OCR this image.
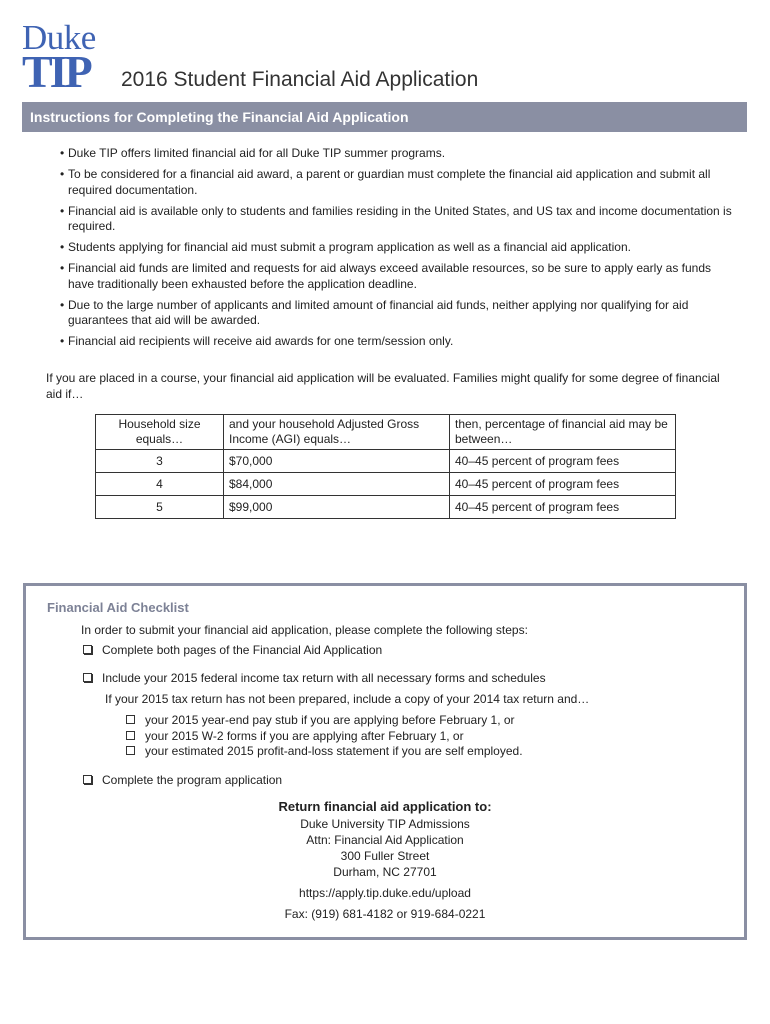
Duke
TIP 2016 Student Financial Aid Application
Instructions for Completing the Financial Aid Application
• Duke TIP offers limited financial aid for all Duke TIP summer programs.
• To be considered for a financial aid award, a parent or guardian must complete the financial aid application and submit all required documentation.
• Financial aid is available only to students and families residing in the United States, and US tax and income documentation is required.
• Students applying for financial aid must submit a program application as well as a financial aid application.
• Financial aid funds are limited and requests for aid always exceed available resources, so be sure to apply early as funds have traditionally been exhausted before the application deadline.
• Due to the large number of applicants and limited amount of financial aid funds, neither applying nor qualifying for aid guarantees that aid will be awarded.
• Financial aid recipients will receive aid awards for one term/session only.
If you are placed in a course, your financial aid application will be evaluated. Families might qualify for some degree of financial aid if…
Household size equals…	and your household Adjusted Gross Income (AGI) equals…	then, percentage of financial aid may be between…
3	$70,000	40–45 percent of program fees
4	$84,000	40–45 percent of program fees
5	$99,000	40–45 percent of program fees
Financial Aid Checklist
In order to submit your financial aid application, please complete the following steps:
Complete both pages of the Financial Aid Application
Include your 2015 federal income tax return with all necessary forms and schedules
If your 2015 tax return has not been prepared, include a copy of your 2014 tax return and…
your 2015 year-end pay stub if you are applying before February 1, or
your 2015 W-2 forms if you are applying after February 1, or
your estimated 2015 profit-and-loss statement if you are self employed.
Complete the program application
Return financial aid application to:
Duke University TIP Admissions
Attn: Financial Aid Application
300 Fuller Street
Durham, NC 27701
https://apply.tip.duke.edu/upload
Fax: (919) 681-4182 or 919-684-0221
